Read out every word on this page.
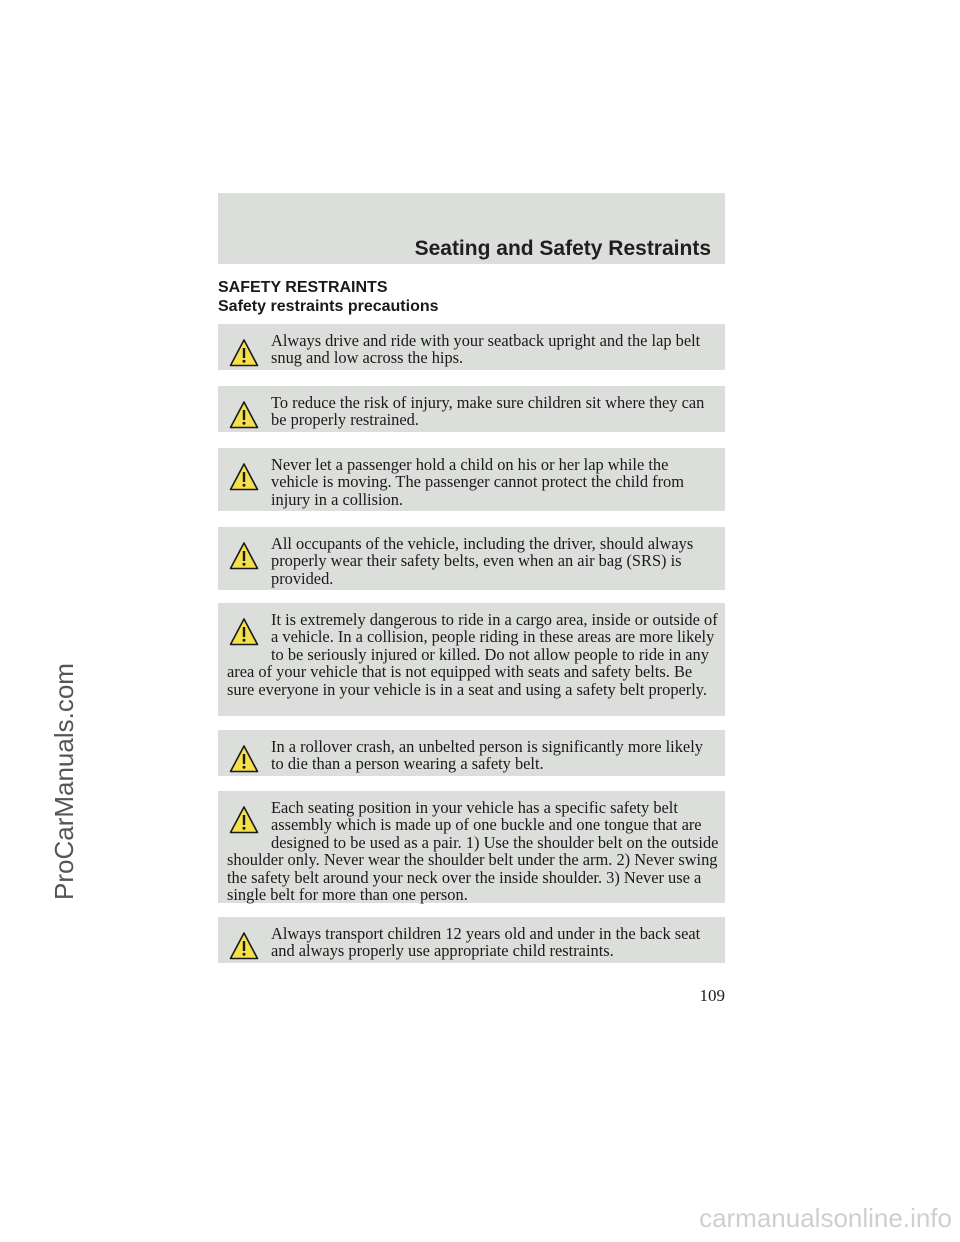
Seating and Safety Restraints
SAFETY RESTRAINTS
Safety restraints precautions

Always drive and ride with your seatback upright and the lap belt snug and low across the hips.

To reduce the risk of injury, make sure children sit where they can be properly restrained.

Never let a passenger hold a child on his or her lap while the vehicle is moving. The passenger cannot protect the child from injury in a collision.

All occupants of the vehicle, including the driver, should always properly wear their safety belts, even when an air bag (SRS) is provided.

It is extremely dangerous to ride in a cargo area, inside or outside of a vehicle. In a collision, people riding in these areas are more likely to be seriously injured or killed. Do not allow people to ride in any area of your vehicle that is not equipped with seats and safety belts. Be sure everyone in your vehicle is in a seat and using a safety belt properly.

In a rollover crash, an unbelted person is significantly more likely to die than a person wearing a safety belt.

Each seating position in your vehicle has a specific safety belt assembly which is made up of one buckle and one tongue that are designed to be used as a pair. 1) Use the shoulder belt on the outside shoulder only. Never wear the shoulder belt under the arm. 2) Never swing the safety belt around your neck over the inside shoulder. 3) Never use a single belt for more than one person.

Always transport children 12 years old and under in the back seat and always properly use appropriate child restraints.

109
ProCarManuals.com
carmanualsonline.info
